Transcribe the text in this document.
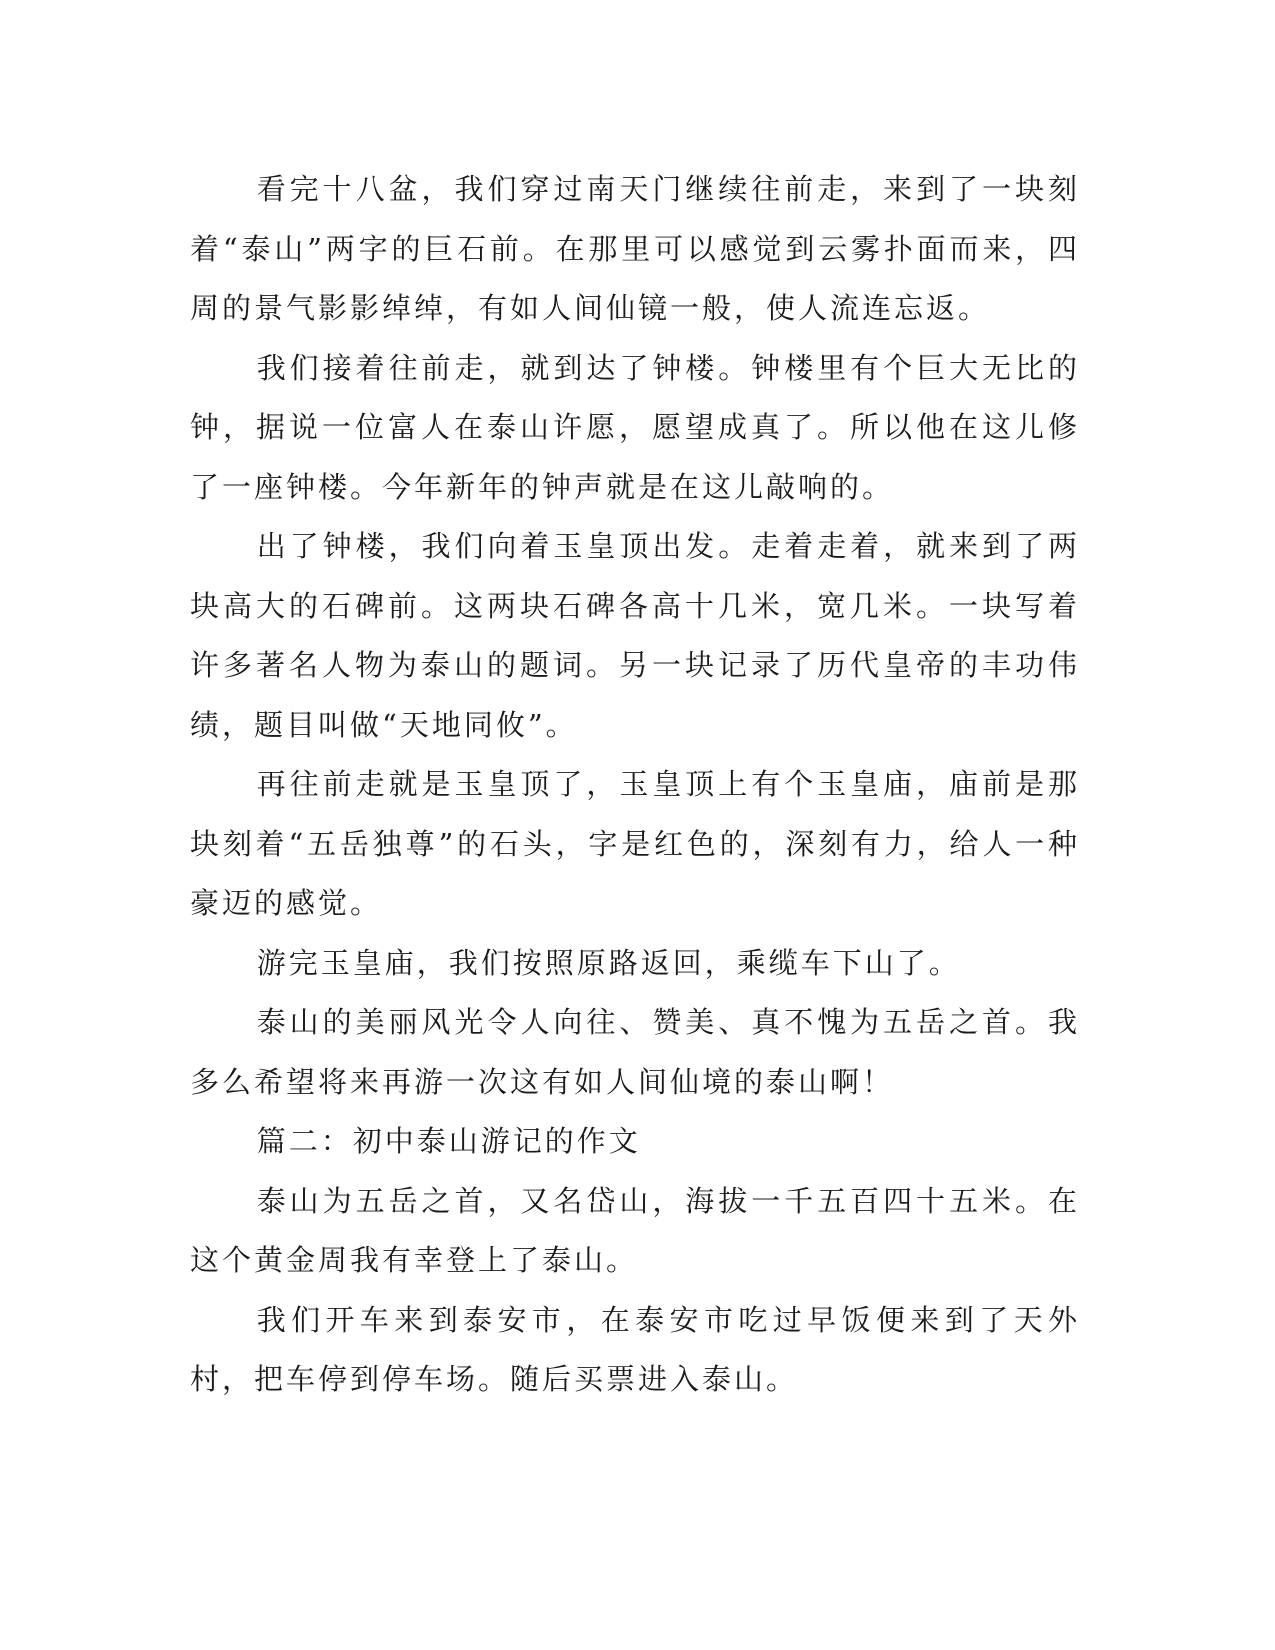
看完十八盆，我们穿过南天门继续往前走，来到了一块刻着“泰山”两字的巨石前。在那里可以感觉到云雾扑面而来，四周的景气影影绰绰，有如人间仙镜一般，使人流连忘返。

我们接着往前走，就到达了钟楼。钟楼里有个巨大无比的钟，据说一位富人在泰山许愿，愿望成真了。所以他在这儿修了一座钟楼。今年新年的钟声就是在这儿敲响的。

出了钟楼，我们向着玉皇顶出发。走着走着，就来到了两块高大的石碑前。这两块石碑各高十几米，宽几米。一块写着许多著名人物为泰山的题词。另一块记录了历代皇帝的丰功伟绩，题目叫做“天地同攸”。

再往前走就是玉皇顶了，玉皇顶上有个玉皇庙，庙前是那块刻着“五岳独尊”的石头，字是红色的，深刻有力，给人一种豪迈的感觉。

游完玉皇庙，我们按照原路返回，乘缆车下山了。

泰山的美丽风光令人向往、赞美、真不愧为五岳之首。我多么希望将来再游一次这有如人间仙境的泰山啊！

篇二：初中泰山游记的作文

泰山为五岳之首，又名岱山，海拔一千五百四十五米。在这个黄金周我有幸登上了泰山。

我们开车来到泰安市，在泰安市吃过早饭便来到了天外村，把车停到停车场。随后买票进入泰山。
